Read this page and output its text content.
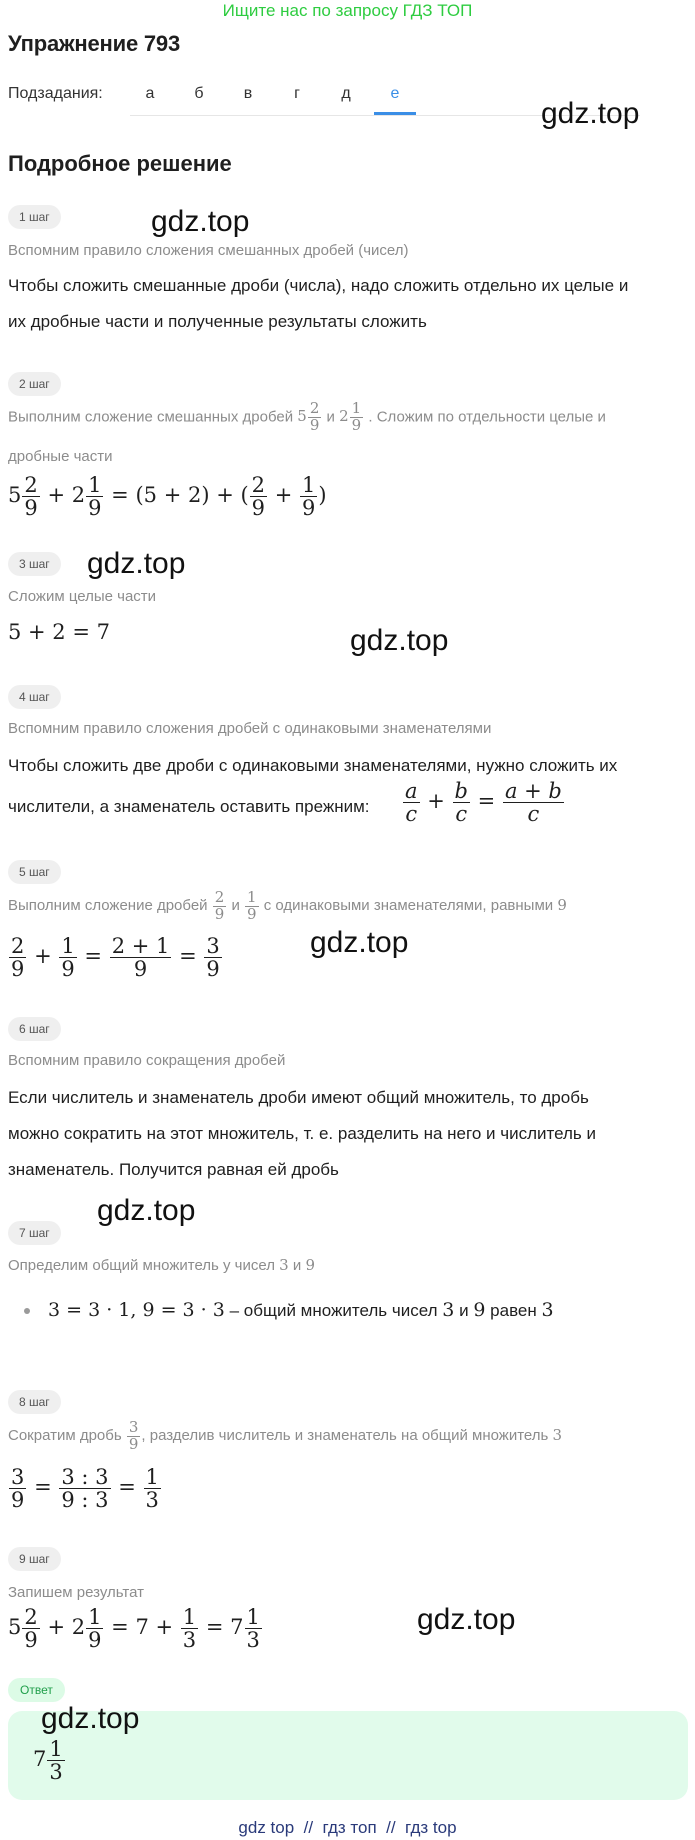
Ищите нас по запросу ГДЗ ТОП
Упражнение 793
Подзадания:	а	б	в	г	д	е
gdz.top
Подробное решение
1 шаг	gdz.top
Вспомним правило сложения смешанных дробей (чисел)
Чтобы сложить смешанные дроби (числа), надо сложить отдельно их целые и
их дробные части и полученные результаты сложить
2 шаг
Выполним сложение смешанных дробей $5 \frac{2}{9}$ и $2 \frac{1}{9}$ . Сложим по отдельности целые и
дробные части
$5 \frac{2}{9} + 2 \frac{1}{9} = (5 + 2)$ + ( $\frac{2}{9} + \frac{1}{9}$ )
3 шаг	gdz.top
Сложим целые части
5 + 2 = 7	gdz.top
4 шаг
Вспомним правило сложения дробей с одинаковыми знаменателями
Чтобы сложить две дроби с одинаковыми знаменателями, нужно сложить их
числители, а знаменатель оставить прежним: $\frac{a}{c} + \frac{b}{c} = \frac{a + b}{c}$
5 шаг
Выполним сложение дробей $\frac{2}{9}$ и $\frac{1}{9}$ с одинаковыми знаменателями, равными 9
gdz.top
$\frac{2}{9} + \frac{1}{9} = \frac{2 + 1}{9} = \frac{3}{9}$
6 шаг
Вспомним правило сокращения дробей
Если числитель и знаменатель дроби имеют общий множитель, то дробь
можно сократить на этот множитель, т. е. разделить на него и числитель и
знаменатель. Получится равная ей дробь
gdz.top
7 шаг
Определим общий множитель у чисел 3 и 9
3 = 3 · 1, 9 = 3 · 3 – общий множитель чисел 3 и 9 равен 3
8 шаг
Сократим дробь $\frac{3}{9}$ , разделив числитель и знаменатель на общий множитель 3
$\frac{3}{9} = \frac{3 : 3}{9 : 3} = \frac{1}{3}$
9 шаг
Запишем результат
gdz.top
$5 \frac{2}{9} + 2 \frac{1}{9} = 7 + \frac{1}{3} = 7 \frac{1}{3}$
Ответ
gdz.top
$7 \frac{1}{3}$
gdz top // гдз топ // гдз top
